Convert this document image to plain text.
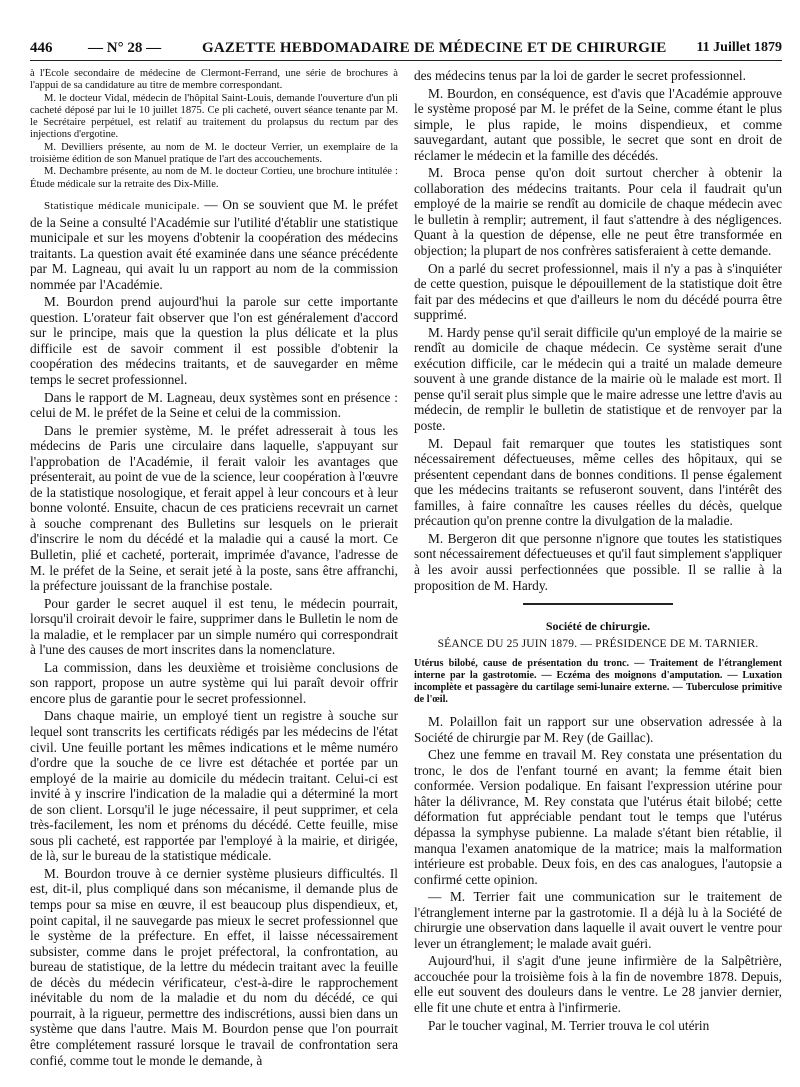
446 — N° 28 —	GAZETTE HEBDOMADAIRE DE MÉDECINE ET DE CHIRURGIE 11 Juillet 1879

à l'École secondaire de médecine de Clermont-Ferrand, une série de brochures à l'appui de sa candidature au titre de membre correspondant.

M. le docteur Vidal, médecin de l'hôpital Saint-Louis, demande l'ouverture d'un pli cacheté déposé par lui le 10 juillet 1875. Ce pli cacheté, ouvert séance tenante par M. le Secrétaire perpétuel, est relatif au traitement du prolapsus du rectum par des injections d'ergotine.

M. Devilliers présente, au nom de M. le docteur Verrier, un exemplaire de la troisième édition de son Manuel pratique de l'art des accouchements.

M. Dechambre présente, au nom de M. le docteur Cortieu, une brochure intitulée : Étude médicale sur la retraite des Dix-Mille.

Statistique médicale municipale. — On se souvient que M. le préfet de la Seine a consulté l'Académie sur l'utilité d'établir une statistique municipale et sur les moyens d'obtenir la coopération des médecins traitants. La question avait été examinée dans une séance précédente par M. Lagneau, qui avait lu un rapport au nom de la commission nommée par l'Académie.

M. Bourdon prend aujourd'hui la parole sur cette importante question. L'orateur fait observer que l'on est généralement d'accord sur le principe, mais que la question la plus délicate et la plus difficile est de savoir comment il est possible d'obtenir la coopération des médecins traitants, et de sauvegarder en même temps le secret professionnel.

Dans le rapport de M. Lagneau, deux systèmes sont en présence : celui de M. le préfet de la Seine et celui de la commission.

Dans le premier système, M. le préfet adresserait à tous les médecins de Paris une circulaire dans laquelle, s'appuyant sur l'approbation de l'Académie, il ferait valoir les avantages que présenterait, au point de vue de la science, leur coopération à l'œuvre de la statistique nosologique, et ferait appel à leur concours et à leur bonne volonté. Ensuite, chacun de ces praticiens recevrait un carnet à souche comprenant des Bulletins sur lesquels on le prierait d'inscrire le nom du décédé et la maladie qui a causé la mort. Ce Bulletin, plié et cacheté, porterait, imprimée d'avance, l'adresse de M. le préfet de la Seine, et serait jeté à la poste, sans être affranchi, la préfecture jouissant de la franchise postale.

Pour garder le secret auquel il est tenu, le médecin pourrait, lorsqu'il croirait devoir le faire, supprimer dans le Bulletin le nom de la maladie, et le remplacer par un simple numéro qui correspondrait à l'une des causes de mort inscrites dans la nomenclature.

La commission, dans les deuxième et troisième conclusions de son rapport, propose un autre système qui lui paraît devoir offrir encore plus de garantie pour le secret professionnel.

Dans chaque mairie, un employé tient un registre à souche sur lequel sont transcrits les certificats rédigés par les médecins de l'état civil. Une feuille portant les mêmes indications et le même numéro d'ordre que la souche de ce livre est détachée et portée par un employé de la mairie au domicile du médecin traitant. Celui-ci est invité à y inscrire l'indication de la maladie qui a déterminé la mort de son client. Lorsqu'il le juge nécessaire, il peut supprimer, et cela très-facilement, les nom et prénoms du décédé. Cette feuille, mise sous pli cacheté, est rapportée par l'employé à la mairie, et dirigée, de là, sur le bureau de la statistique médicale.

M. Bourdon trouve à ce dernier système plusieurs difficultés. Il est, dit-il, plus compliqué dans son mécanisme, il demande plus de temps pour sa mise en œuvre, il est beaucoup plus dispendieux, et, point capital, il ne sauvegarde pas mieux le secret professionnel que le système de la préfecture. En effet, il laisse nécessairement subsister, comme dans le projet préfectoral, la confrontation, au bureau de statistique, de la lettre du médecin traitant avec la feuille de décès du médecin vérificateur, c'est-à-dire le rapprochement inévitable du nom de la maladie et du nom du décédé, ce qui pourrait, à la rigueur, permettre des indiscrétions, aussi bien dans un système que dans l'autre. Mais M. Bourdon pense que l'on pourrait être complétement rassuré lorsque le travail de confrontation sera confié, comme tout le monde le demande, à

des médecins tenus par la loi de garder le secret professionnel.

M. Bourdon, en conséquence, est d'avis que l'Académie approuve le système proposé par M. le préfet de la Seine, comme étant le plus simple, le plus rapide, le moins dispendieux, et comme sauvegardant, autant que possible, le secret que sont en droit de réclamer le médecin et la famille des décédés.

M. Broca pense qu'on doit surtout chercher à obtenir la collaboration des médecins traitants. Pour cela il faudrait qu'un employé de la mairie se rendît au domicile de chaque médecin avec le bulletin à remplir; autrement, il faut s'attendre à des négligences. Quant à la question de dépense, elle ne peut être transformée en objection; la plupart de nos confrères satisferaient à cette demande.

On a parlé du secret professionnel, mais il n'y a pas à s'inquiéter de cette question, puisque le dépouillement de la statistique doit être fait par des médecins et que d'ailleurs le nom du décédé pourra être supprimé.

M. Hardy pense qu'il serait difficile qu'un employé de la mairie se rendît au domicile de chaque médecin. Ce système serait d'une exécution difficile, car le médecin qui a traité un malade demeure souvent à une grande distance de la mairie où le malade est mort. Il pense qu'il serait plus simple que le maire adresse une lettre d'avis au médecin, de remplir le bulletin de statistique et de renvoyer par la poste.

M. Depaul fait remarquer que toutes les statistiques sont nécessairement défectueuses, même celles des hôpitaux, qui se présentent cependant dans de bonnes conditions. Il pense également que les médecins traitants se refuseront souvent, dans l'intérêt des familles, à faire connaître les causes réelles du décès, quelque précaution qu'on prenne contre la divulgation de la maladie.

M. Bergeron dit que personne n'ignore que toutes les statistiques sont nécessairement défectueuses et qu'il faut simplement s'appliquer à les avoir aussi perfectionnées que possible. Il se rallie à la proposition de M. Hardy.

Société de chirurgie.

SÉANCE DU 25 JUIN 1879. — PRÉSIDENCE DE M. TARNIER.

Utérus bilobé, cause de présentation du tronc. — Traitement de l'étranglement interne par la gastrotomie. — Eczéma des moignons d'amputation. — Luxation incomplète et passagère du cartilage semi-lunaire externe. — Tuberculose primitive de l'œil.

M. Polaillon fait un rapport sur une observation adressée à la Société de chirurgie par M. Rey (de Gaillac).

Chez une femme en travail M. Rey constata une présentation du tronc, le dos de l'enfant tourné en avant; la femme était bien conformée. Version podalique. En faisant l'expression utérine pour hâter la délivrance, M. Rey constata que l'utérus était bilobé; cette déformation fut appréciable pendant tout le temps que l'utérus dépassa la symphyse pubienne. La malade s'étant bien rétablie, il manqua l'examen anatomique de la matrice; mais la malformation intérieure est probable. Deux fois, en des cas analogues, l'autopsie a confirmé cette opinion.

— M. Terrier fait une communication sur le traitement de l'étranglement interne par la gastrotomie. Il a déjà lu à la Société de chirurgie une observation dans laquelle il avait ouvert le ventre pour lever un étranglement; le malade avait guéri.

Aujourd'hui, il s'agit d'une jeune infirmière de la Salpêtrière, accouchée pour la troisième fois à la fin de novembre 1878. Depuis, elle eut souvent des douleurs dans le ventre. Le 28 janvier dernier, elle fit une chute et entra à l'infirmerie.

Par le toucher vaginal, M. Terrier trouva le col utérin
